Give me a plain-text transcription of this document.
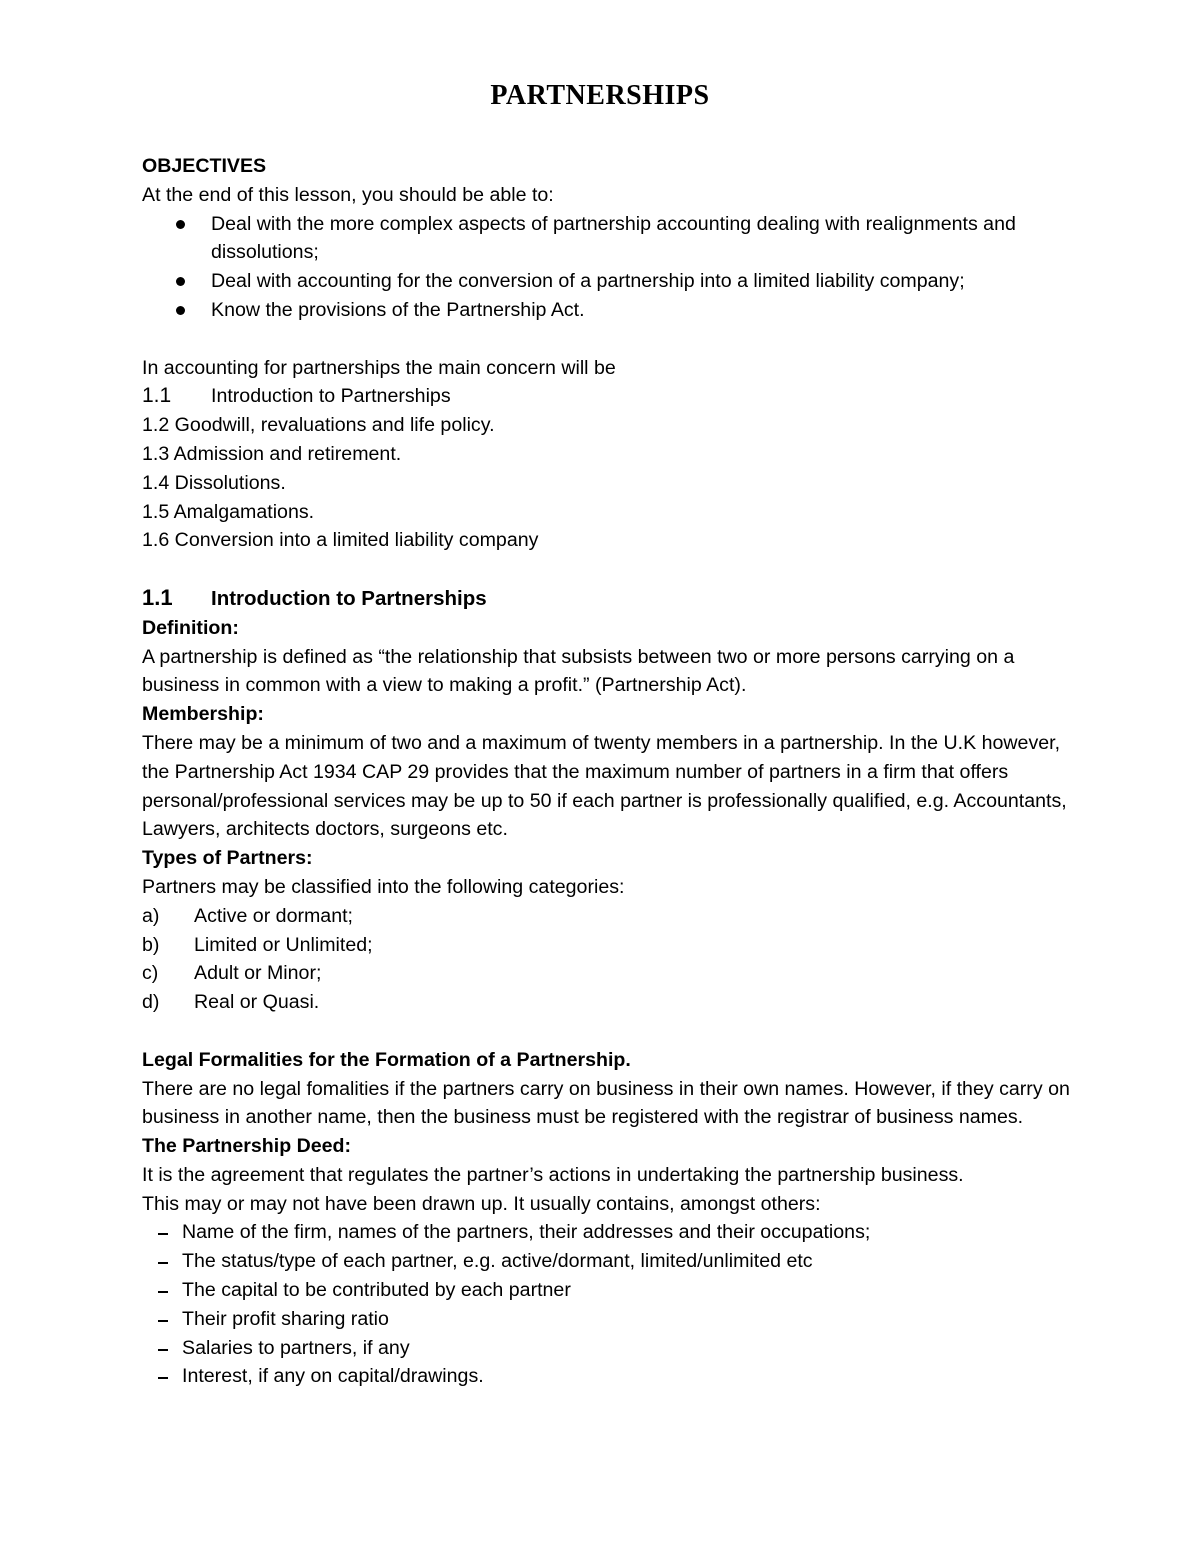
PARTNERSHIPS

OBJECTIVES

At the end of this lesson, you should be able to:

Deal with the more complex aspects of partnership accounting dealing with realignments and dissolutions;
Deal with accounting for the conversion of a partnership into a limited liability company;
Know the provisions of the Partnership Act.

In accounting for partnerships the main concern will be

1.1 Introduction to Partnerships

1.2 Goodwill, revaluations and life policy.

1.3 Admission and retirement.

1.4 Dissolutions.

1.5 Amalgamations.

1.6 Conversion into a limited liability company

1.1 Introduction to Partnerships

Definition:

A partnership is defined as “the relationship that subsists between two or more persons carrying on a business in common with a view to making a profit.” (Partnership Act).

Membership:

There may be a minimum of two and a maximum of twenty members in a partnership. In the U.K however, the Partnership Act 1934 CAP 29 provides that the maximum number of partners in a firm that offers personal/professional services may be up to 50 if each partner is professionally qualified, e.g. Accountants, Lawyers, architects doctors, surgeons etc.

Types of Partners:

Partners may be classified into the following categories:

a)	Active or dormant;
b)	Limited or Unlimited;
c)	Adult or Minor;
d)	Real or Quasi.

Legal Formalities for the Formation of a Partnership.

There are no legal fomalities if the partners carry on business in their own names. However, if they carry on business in another name, then the business must be registered with the registrar of business names.

The Partnership Deed:

It is the agreement that regulates the partner’s actions in undertaking the partnership business.

This may or may not have been drawn up. It usually contains, amongst others:

Name of the firm, names of the partners, their addresses and their occupations;
The status/type of each partner, e.g. active/dormant, limited/unlimited etc
The capital to be contributed by each partner
Their profit sharing ratio
Salaries to partners, if any
Interest, if any on capital/drawings.
